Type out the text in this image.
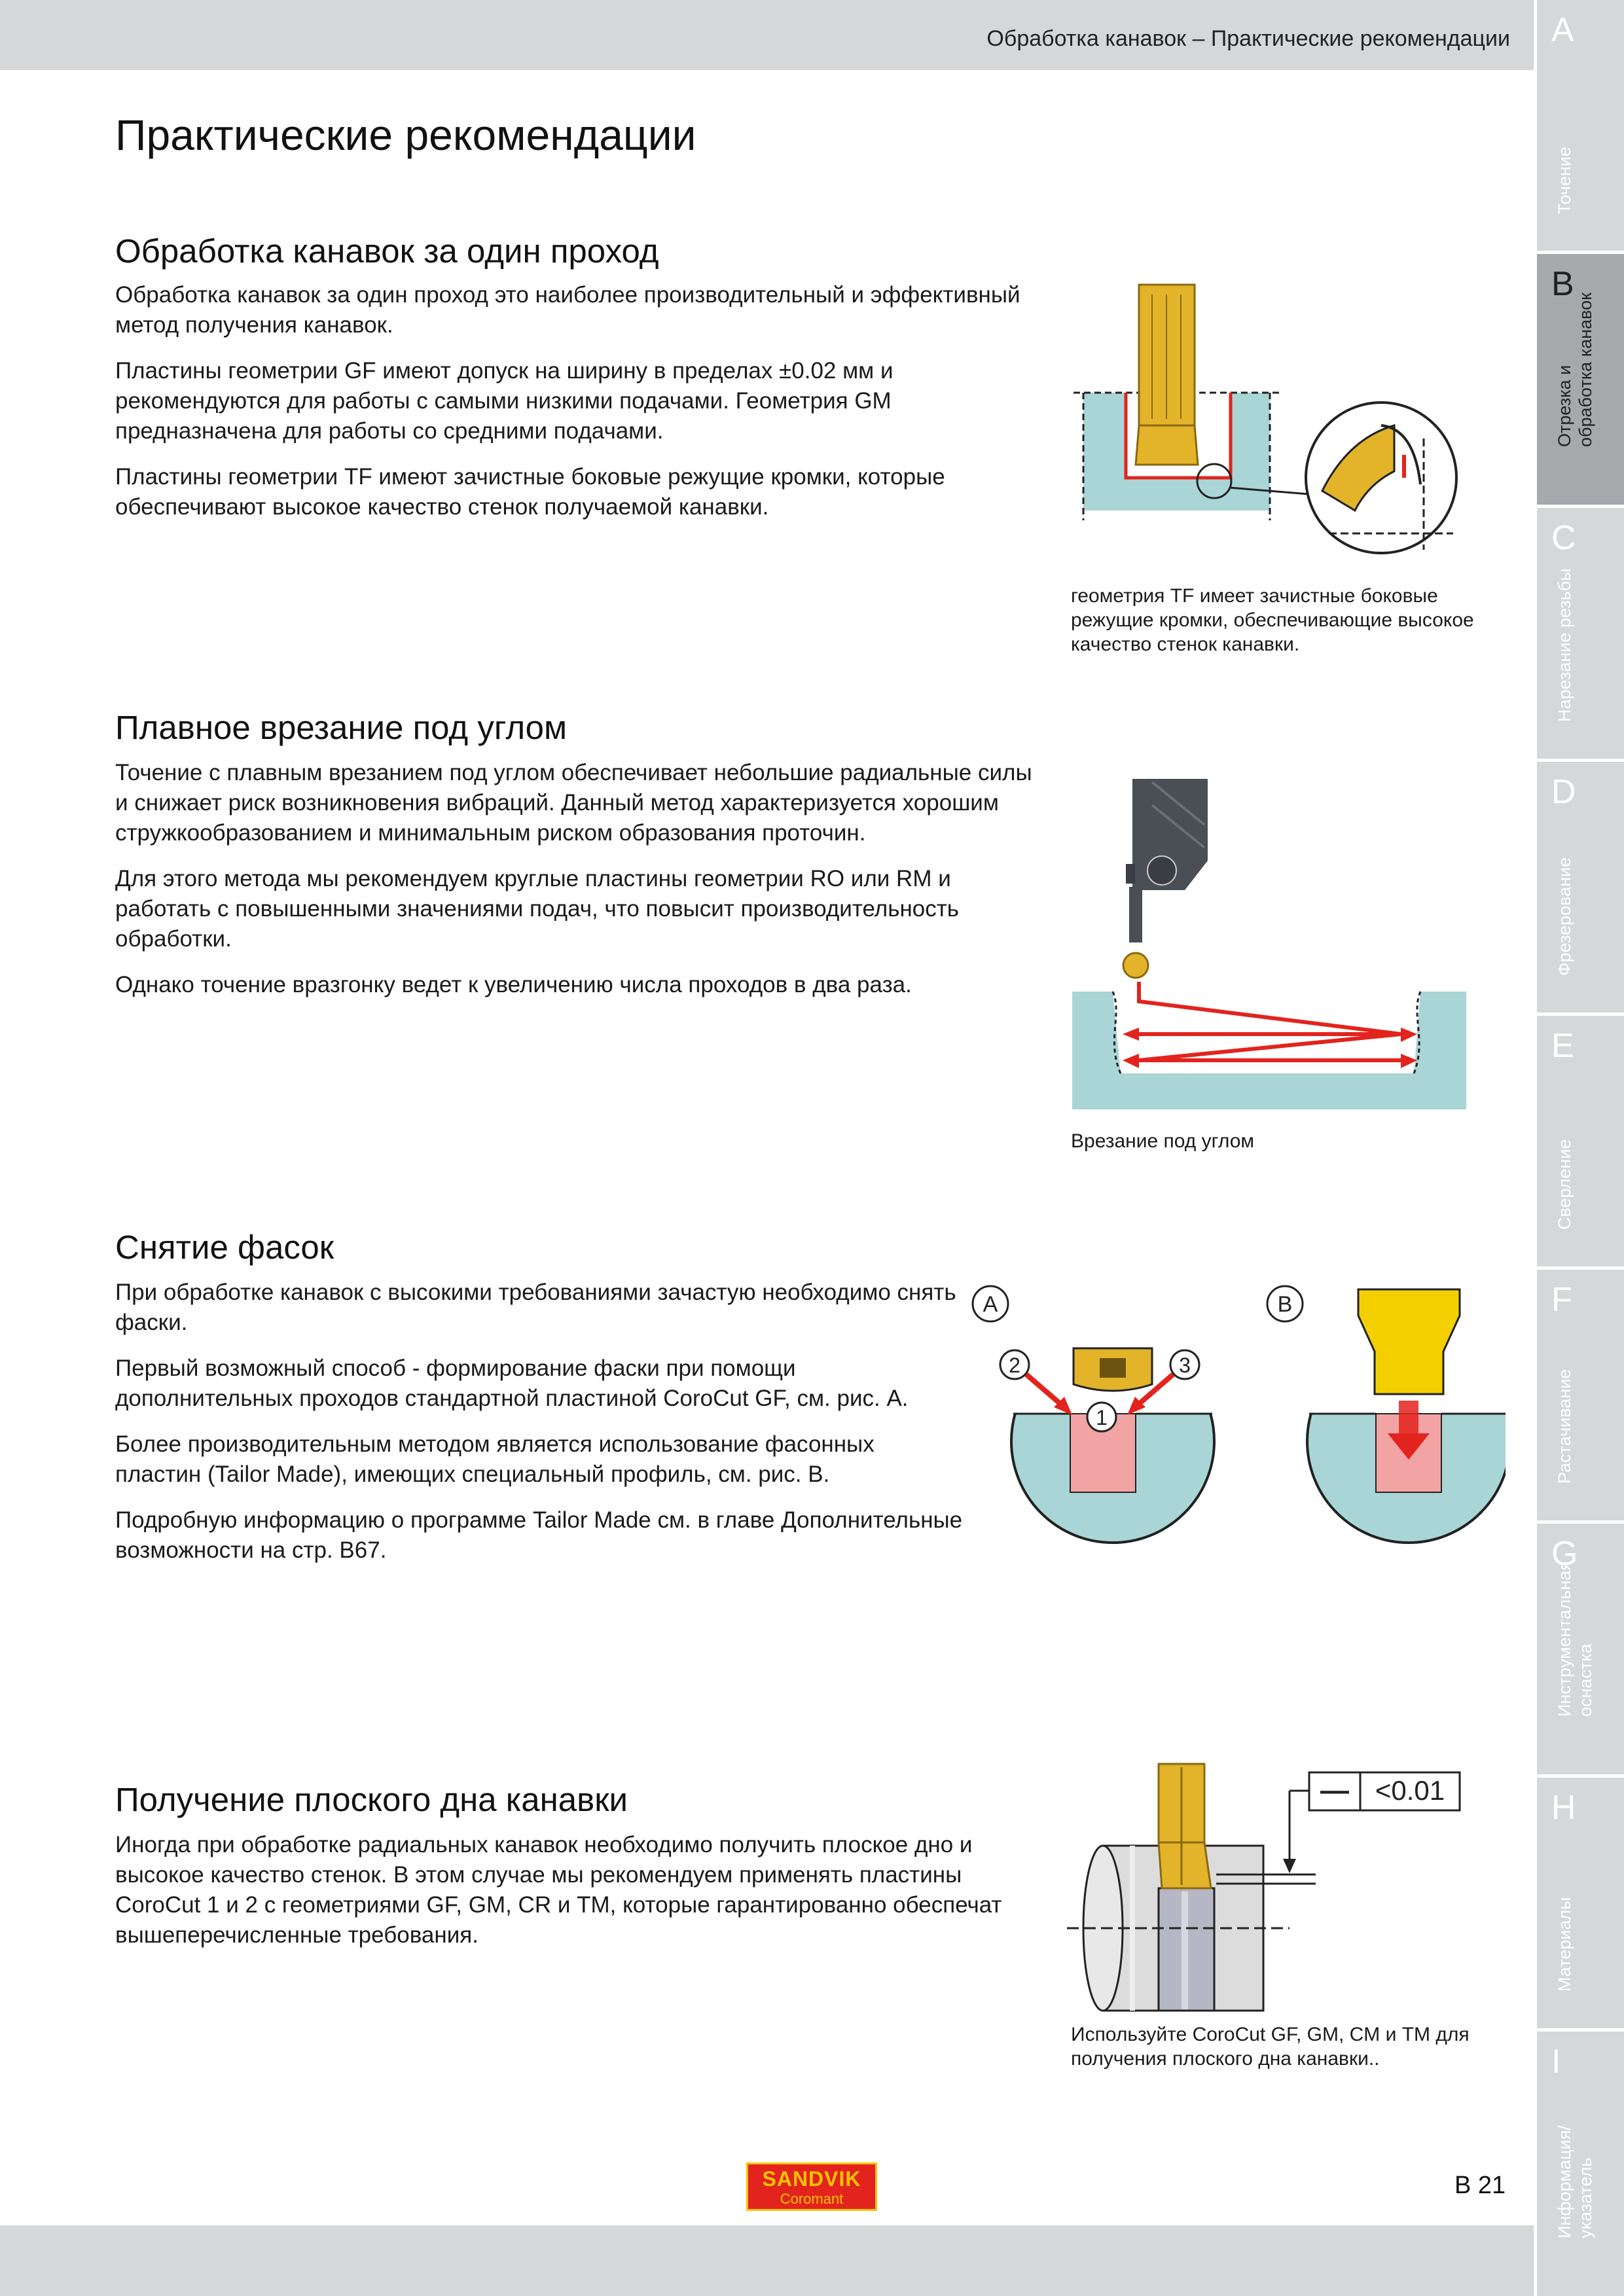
Обработка канавок – Практические рекомендации A
Точение
B
Отрезка и
обработка канавок
C
Нарезание резьбы
D
Фрезерование
E
Сверление
F
Растачивание
G
Инструментальная
оснастка
H
Материалы
I
Информация/
указатель
Практические рекомендации
Обработка канавок за один проход

Обработка канавок за один проход это наиболее производительный и эффективный метод получения канавок.

Пластины геометрии GF имеют допуск на ширину в пределах ±0.02 мм и рекомендуются для работы с самыми низкими подачами. Геометрия GM предназначена для работы со средними подачами.

Пластины геометрии TF имеют зачистные боковые режущие кромки, которые обеспечивают высокое качество стенок получаемой канавки.

геометрия TF имеет зачистные боковые режущие кромки, обеспечивающие высокое качество стенок канавки.
Плавное врезание под углом

Точение с плавным врезанием под углом обеспечивает небольшие радиальные силы и снижает риск возникновения вибраций. Данный метод характеризуется хорошим стружкообразованием и минимальным риском образования проточин.

Для этого метода мы рекомендуем круглые пластины геометрии RO или RM и работать с повышенными значениями подач, что повысит производительность обработки.

Однако точение вразгонку ведет к увеличению числа проходов в два раза.

Врезание под углом
Снятие фасок

При обработке канавок с высокими требованиями зачастую необходимо снять фаски.

Первый возможный способ - формирование фаски при помощи дополнительных проходов стандартной пластиной CoroCut GF, см. рис. A.

Более производительным методом является использование фасонных пластин (Tailor Made), имеющих специальный профиль, см. рис. B.

Подробную информацию о программе Tailor Made см. в главе Дополнительные возможности на стр. B67.

A
2	3
1
B
Получение плоского дна канавки

Иногда при обработке радиальных канавок необходимо получить плоское дно и высокое качество стенок. В этом случае мы рекомендуем применять пластины CoroCut 1 и 2 с геометриями GF, GM, CR и TM, которые гарантированно обеспечат вышеперечисленные требования.

— <0.01
Используйте CoroCut GF, GM, CM и TM для получения плоского дна канавки..
SANDVIK
Coromant	B 21
